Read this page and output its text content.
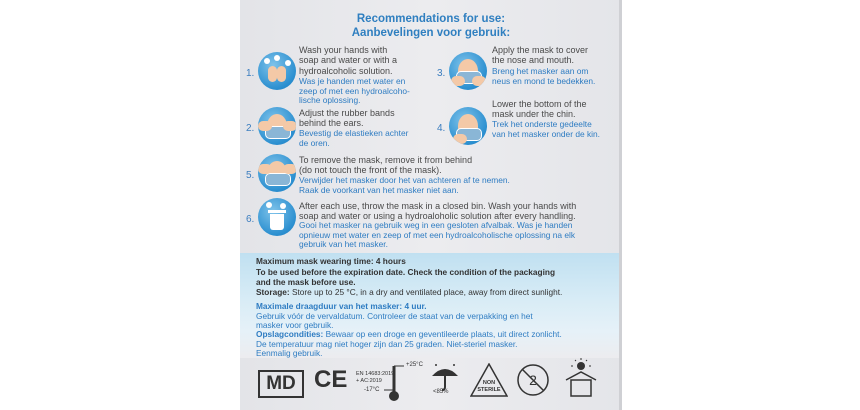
Recommendations for use:
Aanbevelingen voor gebruik:
1.
Wash your hands with
soap and water or with a
hydroalcoholic solution.
Was je handen met water en
zeep of met een hydroalcoho-
lische oplossing.
2.
Adjust the rubber bands
behind the ears.
Bevestig de elastieken achter
de oren.
3.
Apply the mask to cover
the nose and mouth.
Breng het masker aan om
neus en mond te bedekken.
4.
Lower the bottom of the
mask under the chin.
Trek het onderste gedeelte
van het masker onder de kin.
5.
To remove the mask, remove it from behind
(do not touch the front of the mask).
Verwijder het masker door het van achteren af te nemen.
Raak de voorkant van het masker niet aan.
6.
After each use, throw the mask in a closed bin. Wash your hands with
soap and water or using a hydroaloholic solution after every handling.
Gooi het masker na gebruik weg in een gesloten afvalbak. Was je handen
opnieuw met water en zeep of met een hydroalcoholische oplossing na elk
gebruik van het masker.
Maximum mask wearing time: 4 hours
To be used before the expiration date. Check the condition of the packaging
and the mask before use.
Storage: Store up to 25 °C, in a dry and ventilated place, away from direct sunlight.
Maximale draagduur van het masker: 4 uur.
Gebruik vóór de vervaldatum. Controleer de staat van de verpakking en het
masker voor gebruik.
Opslagcondities: Bewaar op een droge en geventileerde plaats, uit direct zonlicht.
De temperatuur mag niet hoger zijn dan 25 graden. Niet-steriel masker.
Eenmalig gebruik.
MD CE	EN 14683:2019
+ AC:2019
+25°C
-17°C	<85%
NON
STERILE
2
